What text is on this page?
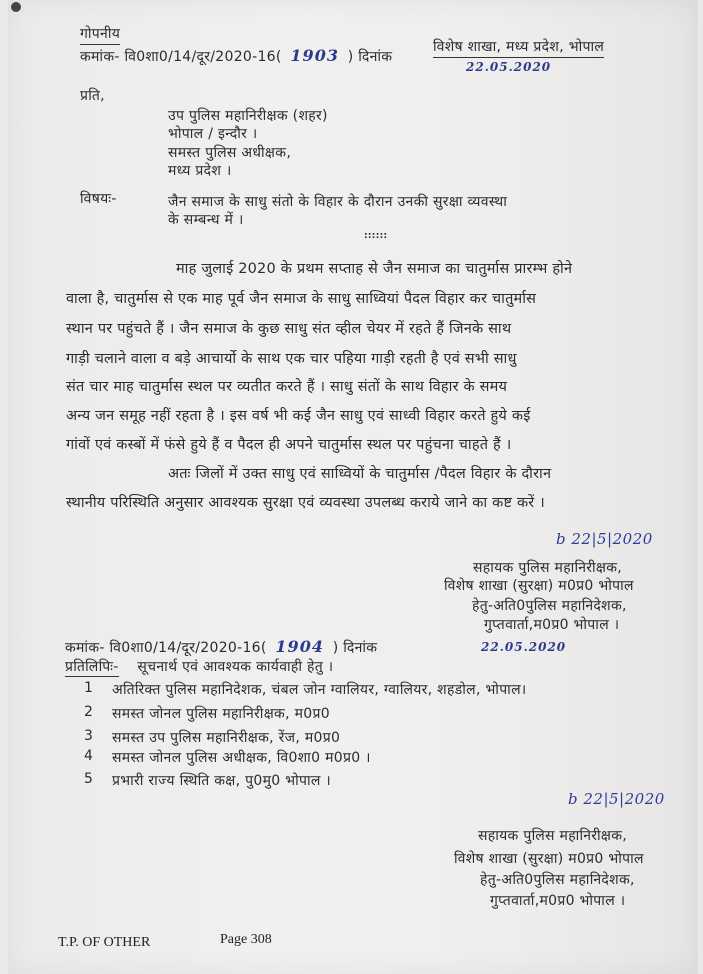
गोपनीय
विशेष शाखा, मध्य प्रदेश, भोपाल
कमांक- वि0शा0/14/दूर/2020-16( 1903 ) दिनांक
22.05.2020
प्रति,
उप पुलिस महानिरीक्षक (शहर)
भोपाल / इन्दौर ।
समस्त पुलिस अधीक्षक,
मध्य प्रदेश ।
विषयः-	जैन समाज के साधु संतो के विहार के दौरान उनकी सुरक्षा व्यवस्था
के सम्बन्ध में ।
::::::
माह जुलाई 2020 के प्रथम सप्ताह से जैन समाज का चातुर्मास प्रारम्भ होने
वाला है, चातुर्मास से एक माह पूर्व जैन समाज के साधु साध्वियां पैदल विहार कर चातुर्मास
स्थान पर पहुंचते हैं । जैन समाज के कुछ साधु संत व्हील चेयर में रहते हैं जिनके साथ
गाड़ी चलाने वाला व बड़े आचार्यो के साथ एक चार पहिया गाड़ी रहती है एवं सभी साधु
संत चार माह चातुर्मास स्थल पर व्यतीत करते हैं । साधु संतों के साथ विहार के समय
अन्य जन समूह नहीं रहता है । इस वर्ष भी कई जैन साधु एवं साध्वी विहार करते हुये कई
गांवों एवं कस्बों में फंसे हुये हैं व पैदल ही अपने चातुर्मास स्थल पर पहुंचना चाहते हैं ।
अतः जिलों में उक्त साधु एवं साध्वियों के चातुर्मास /पैदल विहार के दौरान
स्थानीय परिस्थिति अनुसार आवश्यक सुरक्षा एवं व्यवस्था उपलब्ध कराये जाने का कष्ट करें ।
b 22|5|2020
सहायक पुलिस महानिरीक्षक,
विशेष शाखा (सुरक्षा) म0प्र0 भोपाल
हेतु-अति0पुलिस महानिदेशक,
गुप्तवार्ता,म0प्र0 भोपाल ।
कमांक- वि0शा0/14/दूर/2020-16( 1904 ) दिनांक	22.05.2020
प्रतिलिपिः- सूचनार्थ एवं आवश्यक कार्यवाही हेतु ।
1 अतिरिक्त पुलिस महानिदेशक, चंबल जोन ग्वालियर, ग्वालियर, शहडोल, भोपाल।
2 समस्त जोनल पुलिस महानिरीक्षक, म0प्र0
3 समस्त उप पुलिस महानिरीक्षक, रेंज, म0प्र0
4 समस्त जोनल पुलिस अधीक्षक, वि0शा0 म0प्र0 ।
5 प्रभारी राज्य स्थिति कक्ष, पु0मु0 भोपाल ।
b 22|5|2020
सहायक पुलिस महानिरीक्षक,
विशेष शाखा (सुरक्षा) म0प्र0 भोपाल
हेतु-अति0पुलिस महानिदेशक,
गुप्तवार्ता,म0प्र0 भोपाल ।
T.P. OF OTHER	Page 308
